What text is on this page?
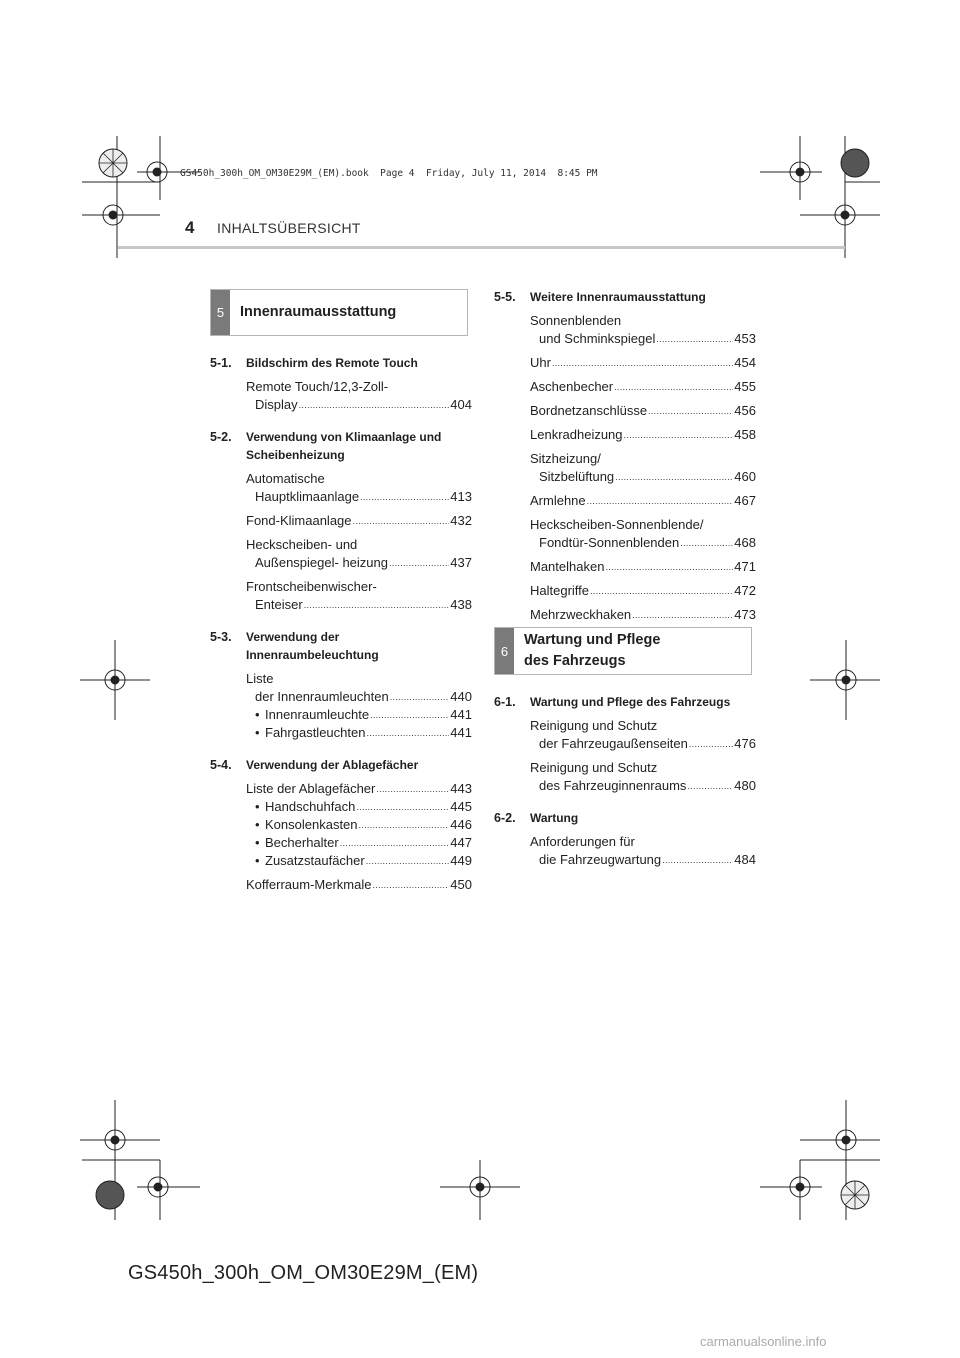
GS450h_300h_OM_OM30E29M_(EM).book  Page 4  Friday, July 11, 2014  8:45 PM
4 INHALTSÜBERSICHT
5	Innenraumausstattung
5-1.	Bildschirm des Remote Touch
Remote Touch/12,3-Zoll-
Display .....	404
5-2.	Verwendung von Klimaanlage und Scheibenheizung
Automatische
Hauptklimaanlage .....	413
Fond-Klimaanlage .....	432
Heckscheiben- und
Außenspiegel- heizung .....	437
Frontscheibenwischer-
Enteiser .....	438
5-3.	Verwendung der Innenraumbeleuchtung
Liste
der Innenraumleuchten .....	440
• Innenraumleuchte .....	441
• Fahrgastleuchten .....	441
5-4.	Verwendung der Ablagefächer
Liste der Ablagefächer .....	443
• Handschuhfach .....	445
• Konsolenkasten .....	446
• Becherhalter .....	447
• Zusatzstaufächer .....	449
Kofferraum-Merkmale .....	450
5-5.	Weitere Innenraumausstattung
Sonnenblenden
und Schminkspiegel .....	453
Uhr .....	454
Aschenbecher .....	455
Bordnetzanschlüsse .....	456
Lenkradheizung .....	458
Sitzheizung/
Sitzbelüftung .....	460
Armlehne .....	467
Heckscheiben-Sonnenblende/
Fondtür-Sonnenblenden .....	468
Mantelhaken .....	471
Haltegriffe .....	472
Mehrzweckhaken .....	473
6
Wartung und Pflege
des Fahrzeugs
6-1.	Wartung und Pflege des Fahrzeugs
Reinigung und Schutz
der Fahrzeugaußenseiten .....	476
Reinigung und Schutz
des Fahrzeuginnenraums .....	480
6-2.	Wartung
Anforderungen für
die Fahrzeugwartung .....	484
GS450h_300h_OM_OM30E29M_(EM)
carmanualsonline.info
